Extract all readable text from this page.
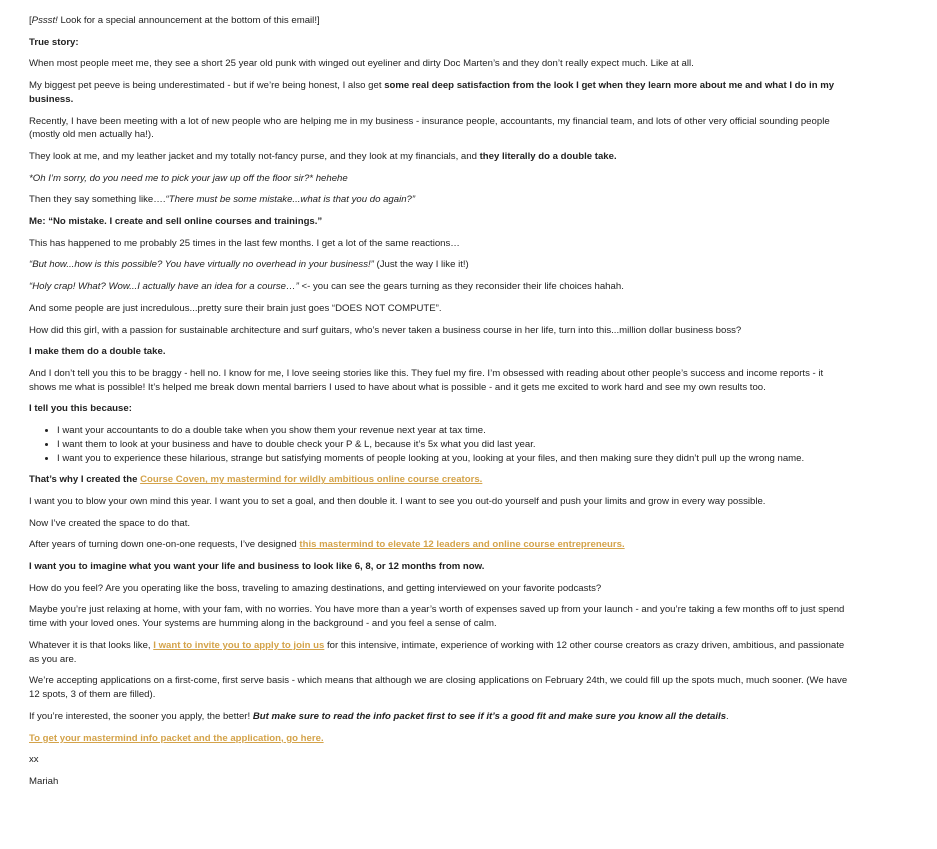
[Pssst! Look for a special announcement at the bottom of this email!]

True story:

When most people meet me, they see a short 25 year old punk with winged out eyeliner and dirty Doc Marten’s and they don’t really expect much. Like at all.

My biggest pet peeve is being underestimated - but if we’re being honest, I also get some real deep satisfaction from the look I get when they learn more about me and what I do in my business.

Recently, I have been meeting with a lot of new people who are helping me in my business - insurance people, accountants, my financial team, and lots of other very official sounding people (mostly old men actually ha!).

They look at me, and my leather jacket and my totally not-fancy purse, and they look at my financials, and they literally do a double take.

*Oh I’m sorry, do you need me to pick your jaw up off the floor sir?* hehehe

Then they say something like….“There must be some mistake...what is that you do again?”

Me: “No mistake. I create and sell online courses and trainings.”

This has happened to me probably 25 times in the last few months. I get a lot of the same reactions…

“But how...how is this possible? You have virtually no overhead in your business!” (Just the way I like it!)

“Holy crap! What? Wow...I actually have an idea for a course…” <- you can see the gears turning as they reconsider their life choices hahah.

And some people are just incredulous...pretty sure their brain just goes “DOES NOT COMPUTE”.

How did this girl, with a passion for sustainable architecture and surf guitars, who’s never taken a business course in her life, turn into this...million dollar business boss?

I make them do a double take.

And I don’t tell you this to be braggy - hell no. I know for me, I love seeing stories like this. They fuel my fire. I’m obsessed with reading about other people’s success and income reports - it shows me what is possible! It’s helped me break down mental barriers I used to have about what is possible - and it gets me excited to work hard and see my own results too.

I tell you this because:

• I want your accountants to do a double take when you show them your revenue next year at tax time.
• I want them to look at your business and have to double check your P & L, because it’s 5x what you did last year.
• I want you to experience these hilarious, strange but satisfying moments of people looking at you, looking at your files, and then making sure they didn’t pull up the wrong name.

That’s why I created the Course Coven, my mastermind for wildly ambitious online course creators.

I want you to blow your own mind this year. I want you to set a goal, and then double it. I want to see you out-do yourself and push your limits and grow in every way possible.

Now I’ve created the space to do that.

After years of turning down one-on-one requests, I’ve designed this mastermind to elevate 12 leaders and online course entrepreneurs.

I want you to imagine what you want your life and business to look like 6, 8, or 12 months from now.

How do you feel? Are you operating like the boss, traveling to amazing destinations, and getting interviewed on your favorite podcasts?

Maybe you’re just relaxing at home, with your fam, with no worries. You have more than a year’s worth of expenses saved up from your launch - and you’re taking a few months off to just spend time with your loved ones. Your systems are humming along in the background - and you feel a sense of calm.

Whatever it is that looks like, I want to invite you to apply to join us for this intensive, intimate, experience of working with 12 other course creators as crazy driven, ambitious, and passionate as you are.

We’re accepting applications on a first-come, first serve basis - which means that although we are closing applications on February 24th, we could fill up the spots much, much sooner. (We have 12 spots, 3 of them are filled).

If you’re interested, the sooner you apply, the better! But make sure to read the info packet first to see if it’s a good fit and make sure you know all the details.

To get your mastermind info packet and the application, go here.

xx

Mariah
